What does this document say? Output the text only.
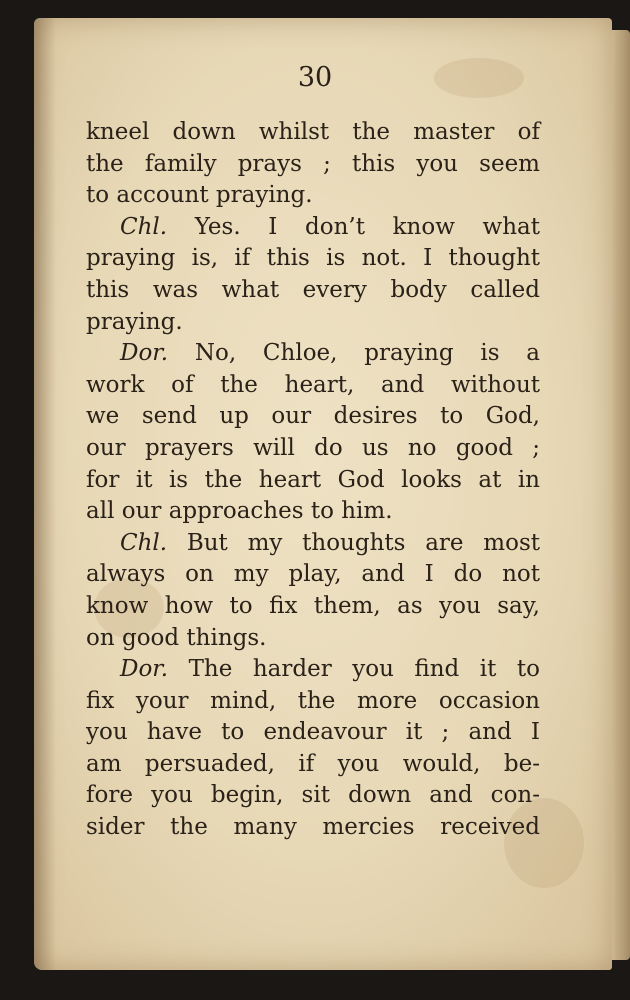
30

kneel down whilst the master of
the family prays ; this you seem
to account praying.
Chl. Yes. I don’t know what
praying is, if this is not. I thought
this was what every body called
praying.
Dor. No, Chloe, praying is a
work of the heart, and without
we send up our desires to God,
our prayers will do us no good ;
for it is the heart God looks at in
all our approaches to him.
Chl. But my thoughts are most
always on my play, and I do not
know how to fix them, as you say,
on good things.
Dor. The harder you find it to
fix your mind, the more occasion
you have to endeavour it ; and I
am persuaded, if you would, be-
fore you begin, sit down and con-
sider the many mercies received
